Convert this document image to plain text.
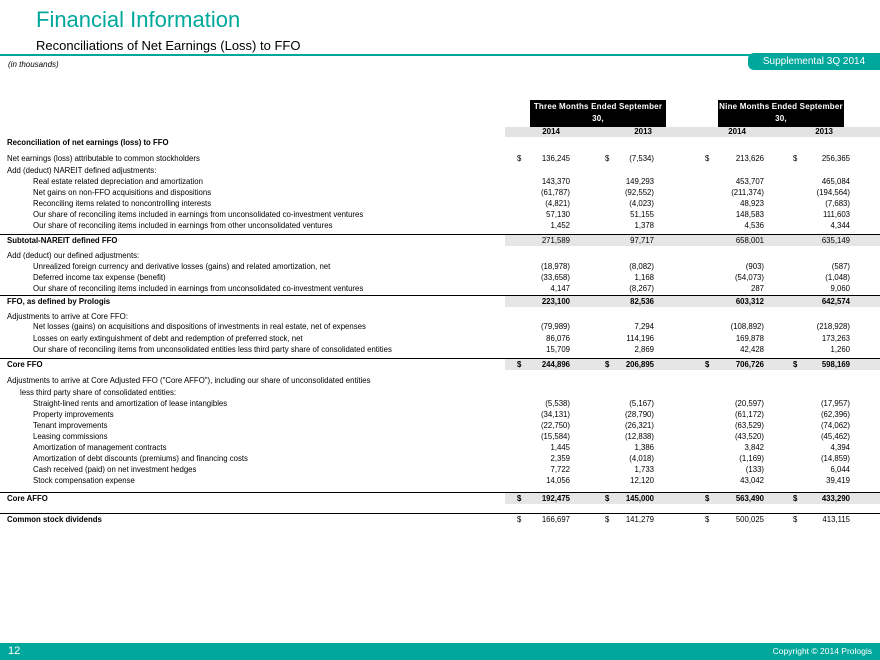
Financial Information
Reconciliations of Net Earnings (Loss) to FFO
(in thousands)	Supplemental 3Q 2014
Three Months Ended September 30,
Nine Months Ended September 30,
2014	2013	2014	2013
Reconciliation of net earnings (loss) to FFO
Net earnings (loss) attributable to common stockholders	$	136,245	$	(7,534)	$	213,626	$	256,365
Add (deduct) NAREIT defined adjustments:
Real estate related depreciation and amortization	143,370	149,293	453,707	465,084
Net gains on non-FFO acquisitions and dispositions	(61,787)	(92,552)	(211,374)	(194,564)
Reconciling items related to noncontrolling interests	(4,821)	(4,023)	48,923	(7,683)
Our share of reconciling items included in earnings from unconsolidated co-investment ventures	57,130	51,155	148,583	111,603
Our share of reconciling items included in earnings from other unconsolidated ventures	1,452	1,378	4,536	4,344
Subtotal-NAREIT defined FFO	271,589	97,717	658,001	635,149
Add (deduct) our defined adjustments:
Unrealized foreign currency and derivative losses (gains) and related amortization, net	(18,978)	(8,082)	(903)	(587)
Deferred income tax expense (benefit)	(33,658)	1,168	(54,073)	(1,048)
Our share of reconciling items included in earnings from unconsolidated co-investment ventures	4,147	(8,267)	287	9,060
FFO, as defined by Prologis	223,100	82,536	603,312	642,574
Adjustments to arrive at Core FFO:
Net losses (gains) on acquisitions and dispositions of investments in real estate, net of expenses	(79,989)	7,294	(108,892)	(218,928)
Losses on early extinguishment of debt and redemption of preferred stock, net	86,076	114,196	169,878	173,263
Our share of reconciling items from unconsolidated entities less third party share of consolidated entities	15,709	2,869	42,428	1,260
Core FFO	$	244,896	$	206,895	$	706,726	$	598,169
Adjustments to arrive at Core Adjusted FFO ("Core AFFO"), including our share of unconsolidated entities
less third party share of consolidated entities:
Straight-lined rents and amortization of lease intangibles	(5,538)	(5,167)	(20,597)	(17,957)
Property improvements	(34,131)	(28,790)	(61,172)	(62,396)
Tenant improvements	(22,750)	(26,321)	(63,529)	(74,062)
Leasing commissions	(15,584)	(12,838)	(43,520)	(45,462)
Amortization of management contracts	1,445	1,386	3,842	4,394
Amortization of debt discounts (premiums) and financing costs	2,359	(4,018)	(1,169)	(14,859)
Cash received (paid) on net investment hedges	7,722	1,733	(133)	6,044
Stock compensation expense	14,056	12,120	43,042	39,419
Core AFFO	$	192,475	$	145,000	$	563,490	$	433,290
Common stock dividends	$	166,697	$	141,279	$	500,025	$	413,115
12	Copyright © 2014 Prologis
